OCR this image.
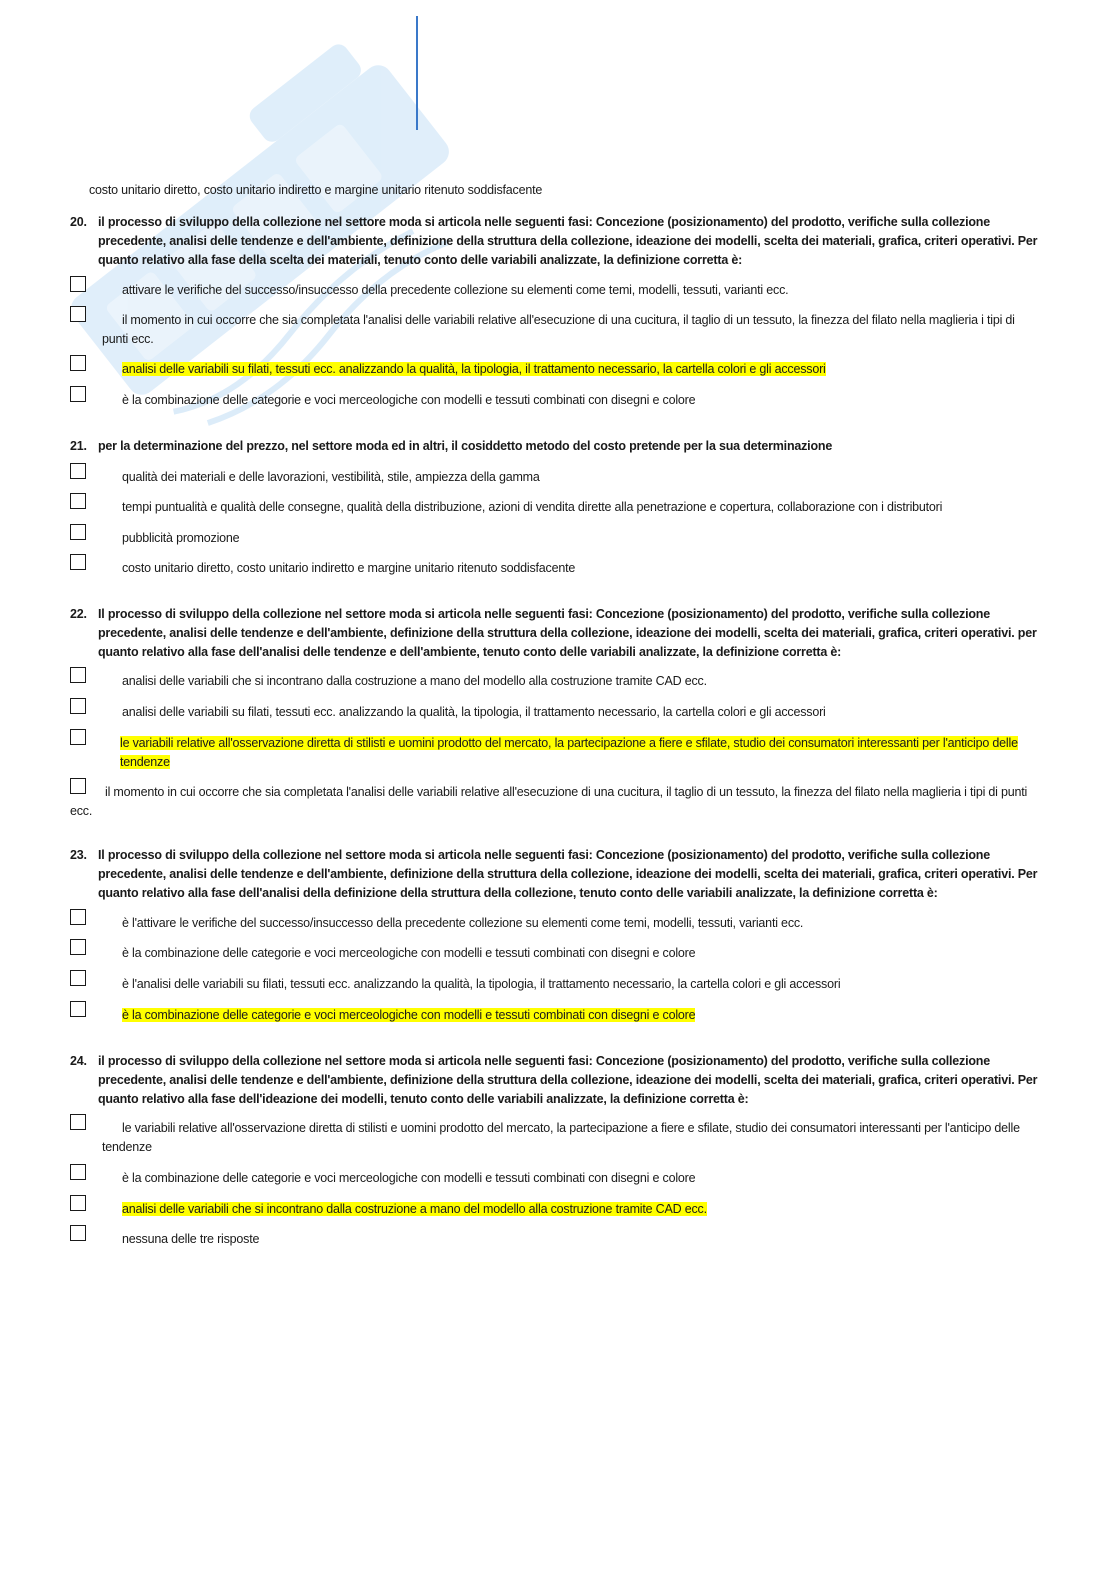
costo unitario diretto, costo unitario indiretto e margine unitario ritenuto soddisfacente
20. il processo di sviluppo della collezione nel settore moda si articola nelle seguenti fasi: Concezione (posizionamento) del prodotto, verifiche sulla collezione precedente, analisi delle tendenze e dell'ambiente, definizione della struttura della collezione, ideazione dei modelli, scelta dei materiali, grafica, criteri operativi. Per quanto relativo alla fase della scelta dei materiali, tenuto conto delle variabili analizzate, la definizione corretta è:
attivare le verifiche del successo/insuccesso della precedente collezione su elementi come temi, modelli, tessuti, varianti ecc.
il momento in cui occorre che sia completata l'analisi delle variabili relative all'esecuzione di una cucitura, il taglio di un tessuto, la finezza del filato nella maglieria i tipi di punti ecc.
analisi delle variabili su filati, tessuti ecc. analizzando la qualità, la tipologia, il trattamento necessario, la cartella colori e gli accessori
è la combinazione delle categorie e voci merceologiche con modelli e tessuti combinati con disegni e colore
21. per la determinazione del prezzo, nel settore moda ed in altri, il cosiddetto metodo del costo pretende per la sua determinazione
qualità dei materiali e delle lavorazioni, vestibilità, stile, ampiezza della gamma
tempi puntualità e qualità delle consegne, qualità della distribuzione, azioni di vendita dirette alla penetrazione e copertura, collaborazione con i distributori
pubblicità promozione
costo unitario diretto, costo unitario indiretto e margine unitario ritenuto soddisfacente
22. Il processo di sviluppo della collezione nel settore moda si articola nelle seguenti fasi: Concezione (posizionamento) del prodotto, verifiche sulla collezione precedente, analisi delle tendenze e dell'ambiente, definizione della struttura della collezione, ideazione dei modelli, scelta dei materiali, grafica, criteri operativi. per quanto relativo alla fase dell'analisi delle tendenze e dell'ambiente, tenuto conto delle variabili analizzate, la definizione corretta è:
analisi delle variabili che si incontrano dalla costruzione a mano del modello alla costruzione tramite CAD ecc.
analisi delle variabili su filati, tessuti ecc. analizzando la qualità, la tipologia, il trattamento necessario, la cartella colori e gli accessori
le variabili relative all'osservazione diretta di stilisti e uomini prodotto del mercato, la partecipazione a fiere e sfilate, studio dei consumatori interessanti per l'anticipo delle tendenze
il momento in cui occorre che sia completata l'analisi delle variabili relative all'esecuzione di una cucitura, il taglio di un tessuto, la finezza del filato nella maglieria i tipi di punti ecc.
23. Il processo di sviluppo della collezione nel settore moda si articola nelle seguenti fasi: Concezione (posizionamento) del prodotto, verifiche sulla collezione precedente, analisi delle tendenze e dell'ambiente, definizione della struttura della collezione, ideazione dei modelli, scelta dei materiali, grafica, criteri operativi. Per quanto relativo alla fase dell'analisi della definizione della struttura della collezione, tenuto conto delle variabili analizzate, la definizione corretta è:
è l'attivare le verifiche del successo/insuccesso della precedente collezione su elementi come temi, modelli, tessuti, varianti ecc.
è la combinazione delle categorie e voci merceologiche con modelli e tessuti combinati con disegni e colore
è l'analisi delle variabili su filati, tessuti ecc. analizzando la qualità, la tipologia, il trattamento necessario, la cartella colori e gli accessori
è la combinazione delle categorie e voci merceologiche con modelli e tessuti combinati con disegni e colore
24. il processo di sviluppo della collezione nel settore moda si articola nelle seguenti fasi: Concezione (posizionamento) del prodotto, verifiche sulla collezione precedente, analisi delle tendenze e dell'ambiente, definizione della struttura della collezione, ideazione dei modelli, scelta dei materiali, grafica, criteri operativi. Per quanto relativo alla fase dell'ideazione dei modelli, tenuto conto delle variabili analizzate, la definizione corretta è:
le variabili relative all'osservazione diretta di stilisti e uomini prodotto del mercato, la partecipazione a fiere e sfilate, studio dei consumatori interessanti per l'anticipo delle tendenze
è la combinazione delle categorie e voci merceologiche con modelli e tessuti combinati con disegni e colore
analisi delle variabili che si incontrano dalla costruzione a mano del modello alla costruzione tramite CAD ecc.
nessuna delle tre risposte
